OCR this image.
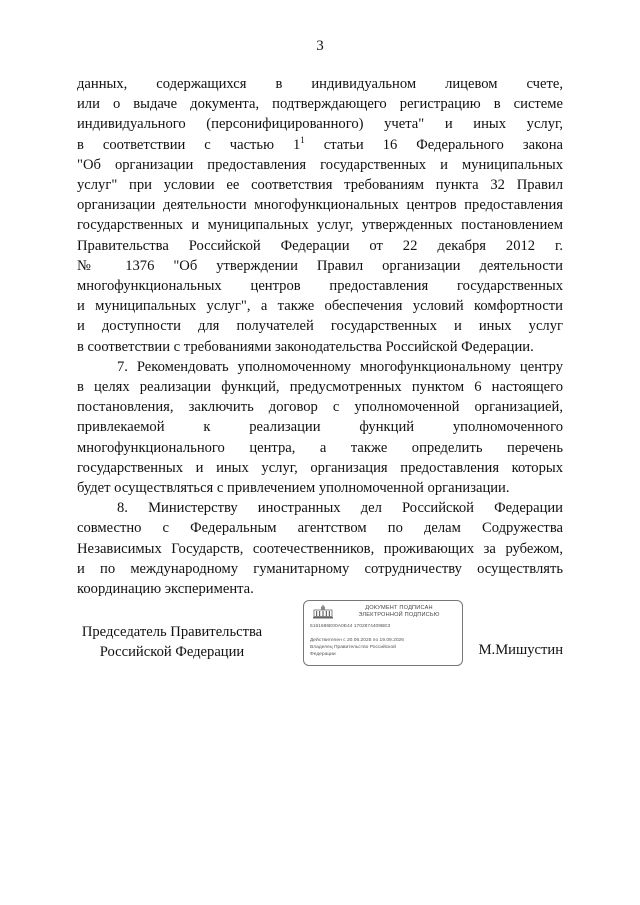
3
данных, содержащихся в индивидуальном лицевом счете,
или о выдаче документа, подтверждающего регистрацию в системе
индивидуального (персонифицированного) учета" и иных услуг,
в соответствии с частью $1^1$ статьи 16 Федерального закона
"Об организации предоставления государственных и муниципальных
услуг" при условии ее соответствия требованиям пункта 32 Правил
организации деятельности многофункциональных центров предоставления
государственных и муниципальных услуг, утвержденных постановлением
Правительства Российской Федерации от 22 декабря 2012 г.
№ 1376 "Об утверждении Правил организации деятельности
многофункциональных центров предоставления государственных
и муниципальных услуг", а также обеспечения условий комфортности
и доступности для получателей государственных и иных услуг
в соответствии с требованиями законодательства Российской Федерации.
7. Рекомендовать уполномоченному многофункциональному центру
в целях реализации функций, предусмотренных пунктом 6 настоящего
постановления, заключить договор с уполномоченной организацией,
привлекаемой к реализации функций уполномоченного
многофункционального центра, а также определить перечень
государственных и иных услуг, организация предоставления которых
будет осуществляться с привлечением уполномоченной организации.
8. Министерству иностранных дел Российской Федерации
совместно с Федеральным агентством по делам Содружества
Независимых Государств, соотечественников, проживающих за рубежом,
и по международному гуманитарному сотрудничеству осуществлять
координацию эксперимента.
Председатель Правительства
Российской Федерации
ДОКУМЕНТ ПОДПИСАН
ЭЛЕКТРОННОЙ ПОДПИСЬЮ
5161686E00A0E44 1702874409BE3
Действителен с 20.06.2025 по 19.09.2026
Владелец Правительство Российской
Федерации	М.Мишустин
